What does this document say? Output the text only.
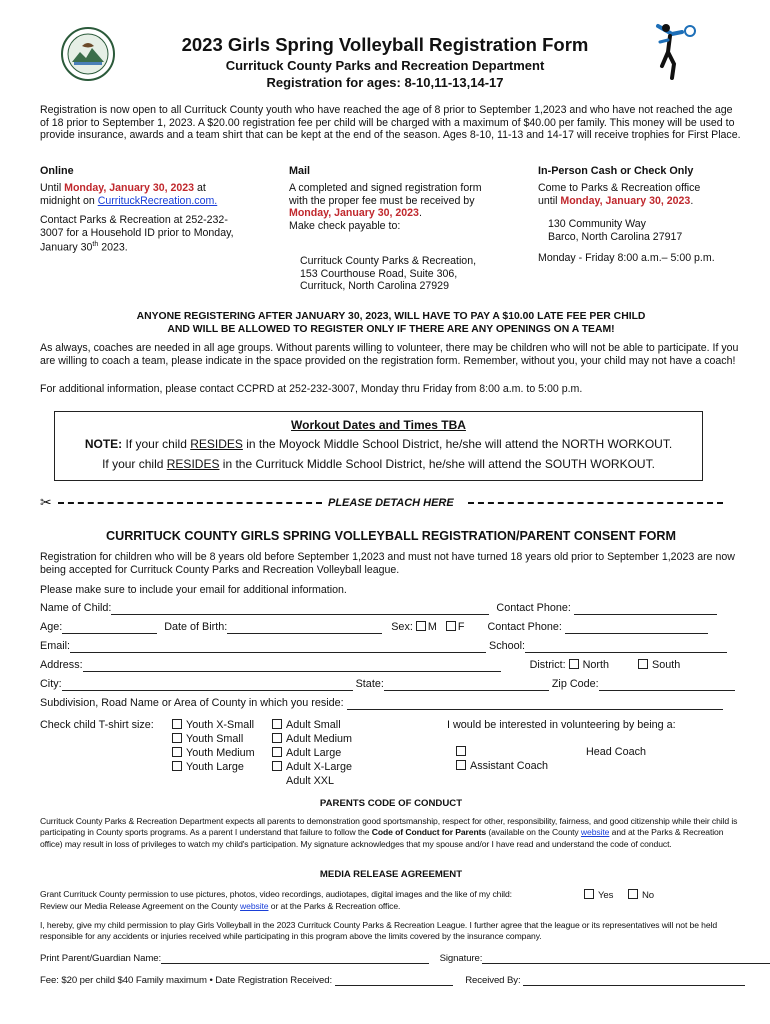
2023 Girls Spring Volleyball Registration Form
Currituck County Parks and Recreation Department
Registration for ages: 8-10,11-13,14-17
Registration is now open to all Currituck County youth who have reached the age of 8 prior to September 1,2023 and who have not reached the age of 18 prior to September 1, 2023. A $20.00 registration fee per child will be charged with a maximum of $40.00 per family. This money will be used to provide insurance, awards and a team shirt that can be kept at the end of the season. Ages 8-10, 11-13 and 14-17 will receive trophies for First Place.
Online
Until Monday, January 30, 2023 at midnight on CurrituckRecreation.com.
Contact Parks & Recreation at 252-232-3007 for a Household ID prior to Monday, January 30th 2023.
Mail
A completed and signed registration form with the proper fee must be received by Monday, January 30, 2023.
Make check payable to:
Currituck County Parks & Recreation,
153 Courthouse Road, Suite 306,
Currituck, North Carolina 27929
In-Person Cash or Check Only
Come to Parks & Recreation office
until Monday, January 30, 2023.
130 Community Way
Barco, North Carolina 27917
Monday - Friday 8:00 a.m.– 5:00 p.m.
ANYONE REGISTERING AFTER JANUARY 30, 2023, WILL HAVE TO PAY A $10.00 LATE FEE PER CHILD
AND WILL BE ALLOWED TO REGISTER ONLY IF THERE ARE ANY OPENINGS ON A TEAM!
As always, coaches are needed in all age groups. Without parents willing to volunteer, there may be children who will not be able to participate. If you are willing to coach a team, please indicate in the space provided on the registration form. Remember, without you, your child may not have a coach!
For additional information, please contact CCPRD at 252-232-3007, Monday thru Friday from 8:00 a.m. to 5:00 p.m.
Workout Dates and Times TBA
NOTE: If your child RESIDES in the Moyock Middle School District, he/she will attend the NORTH WORKOUT.
If your child RESIDES in the Currituck Middle School District, he/she will attend the SOUTH WORKOUT.
✂	PLEASE DETACH HERE
CURRITUCK COUNTY GIRLS SPRING VOLLEYBALL REGISTRATION/PARENT CONSENT FORM
Registration for children who will be 8 years old before September 1,2023 and must not have turned 18 years old prior to September 1,2023 are now being accepted for Currituck County Parks and Recreation Volleyball league.
Please make sure to include your email for additional information.
Name of Child:	Contact Phone:
Age:	Date of Birth:	Sex: M F Contact Phone:
Email:	School:
Address:	District: North	South
City:	State:	Zip Code:
Subdivision, Road Name or Area of County in which you reside:
Check child T-shirt size:	Youth X-Small
Youth Small
Youth Medium
Youth Large
Adult Small
Adult Medium
Adult Large
Adult X-Large
Adult XXL
I would be interested in volunteering by being a:
Head Coach
Assistant Coach
PARENTS CODE OF CONDUCT
Currituck County Parks & Recreation Department expects all parents to demonstration good sportsmanship, respect for other, responsibility, fairness, and good citizenship while their child is participating in County sports programs. As a parent I understand that failure to follow the Code of Conduct for Parents (available on the County website and at the Parks & Recreation office) may result in loss of privileges to watch my child's participation. My signature acknowledges that my spouse and/or I have read and understand the code of conduct.
MEDIA RELEASE AGREEMENT
Grant Currituck County permission to use pictures, photos, video recordings, audiotapes, digital images and the like of my child:	Yes	No
Review our Media Release Agreement on the County website or at the Parks & Recreation office.
I, hereby, give my child permission to play Girls Volleyball in the 2023 Currituck County Parks & Recreation League. I further agree that the league or its representatives will not be held responsible for any accidents or injuries received while participating in this program above the limits covered by the insurance company.
Print Parent/Guardian Name:	Signature:
Fee: $20 per child $40 Family maximum • Date Registration Received:	Received By:
